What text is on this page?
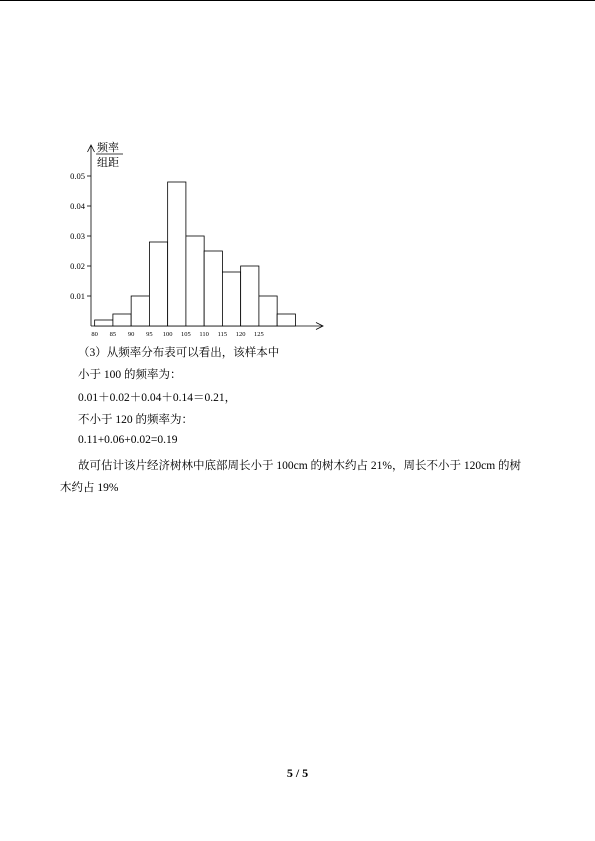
频率
组距
0.01
0.02
0.03
0.04
0.05
80 85 90 95 100 105 110 115 120 125
（3）从频率分布表可以看出，该样本中
小于 100 的频率为：
0.01＋0.02＋0.04＋0.14＝0.21，
不小于 120 的频率为：
0.11+0.06+0.02=0.19
故可估计该片经济树林中底部周长小于 100cm 的树木约占 21%，周长不小于 120cm 的树
木约占 19%
5 / 5
